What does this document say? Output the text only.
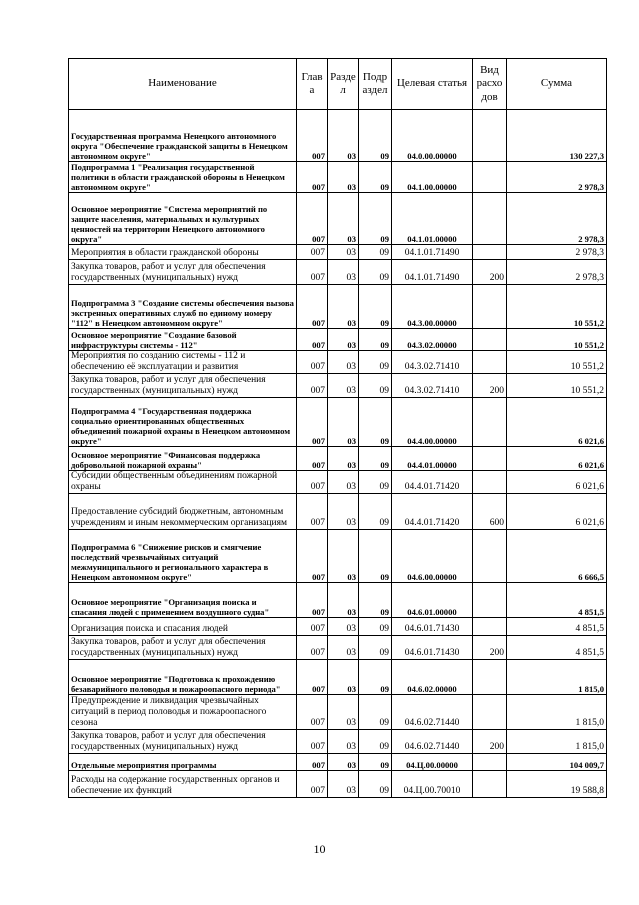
Наименование	Глав а	Разде л	Подр аздел	Целевая статья	Вид расхо дов	Сумма
Государственная программа Ненецкого автономного округа "Обеспечение гражданской защиты в Ненецком автономном округе"	007	03	09	04.0.00.00000		130 227,3
Подпрограмма 1 "Реализация государственной политики в области гражданской обороны в Ненецком автономном округе"	007	03	09	04.1.00.00000		2 978,3
Основное мероприятие "Система мероприятий по защите населения, материальных и культурных ценностей на территории Ненецкого автономного округа"	007	03	09	04.1.01.00000		2 978,3
Мероприятия в области гражданской обороны	007	03	09	04.1.01.71490		2 978,3
Закупка товаров, работ и услуг для обеспечения государственных (муниципальных) нужд	007	03	09	04.1.01.71490	200	2 978,3
Подпрограмма 3 "Создание системы обеспечения вызова экстренных оперативных служб по единому номеру "112" в Ненецком автономном округе"	007	03	09	04.3.00.00000		10 551,2
Основное мероприятие "Создание базовой инфраструктуры системы - 112"	007	03	09	04.3.02.00000		10 551,2
Мероприятия по созданию системы - 112 и обеспечению её эксплуатации и развития	007	03	09	04.3.02.71410		10 551,2
Закупка товаров, работ и услуг для обеспечения государственных (муниципальных) нужд	007	03	09	04.3.02.71410	200	10 551,2
Подпрограмма 4 "Государственная поддержка социально ориентированных общественных объединений пожарной охраны в Ненецком автономном округе"	007	03	09	04.4.00.00000		6 021,6
Основное мероприятие "Финансовая поддержка добровольной пожарной охраны"	007	03	09	04.4.01.00000		6 021,6
Субсидии общественным объединениям пожарной охраны	007	03	09	04.4.01.71420		6 021,6
Предоставление субсидий бюджетным, автономным учреждениям и иным некоммерческим организациям	007	03	09	04.4.01.71420	600	6 021,6
Подпрограмма 6 "Снижение рисков и смягчение последствий чрезвычайных ситуаций межмуниципального и регионального характера в Ненецком автономном округе"	007	03	09	04.6.00.00000		6 666,5
Основное мероприятие "Организация поиска и спасания людей с применением воздушного судна"	007	03	09	04.6.01.00000		4 851,5
Организация поиска и спасания людей	007	03	09	04.6.01.71430		4 851,5
Закупка товаров, работ и услуг для обеспечения государственных (муниципальных) нужд	007	03	09	04.6.01.71430	200	4 851,5
Основное мероприятие "Подготовка к прохождению безаварийного половодья и пожароопасного периода"	007	03	09	04.6.02.00000		1 815,0
Предупреждение и ликвидация чрезвычайных ситуаций в период половодья и пожароопасного сезона	007	03	09	04.6.02.71440		1 815,0
Закупка товаров, работ и услуг для обеспечения государственных (муниципальных) нужд	007	03	09	04.6.02.71440	200	1 815,0
Отдельные мероприятия программы	007	03	09	04.Ц.00.00000		104 009,7
Расходы на содержание государственных органов и обеспечение их функций	007	03	09	04.Ц.00.70010		19 588,8
10
